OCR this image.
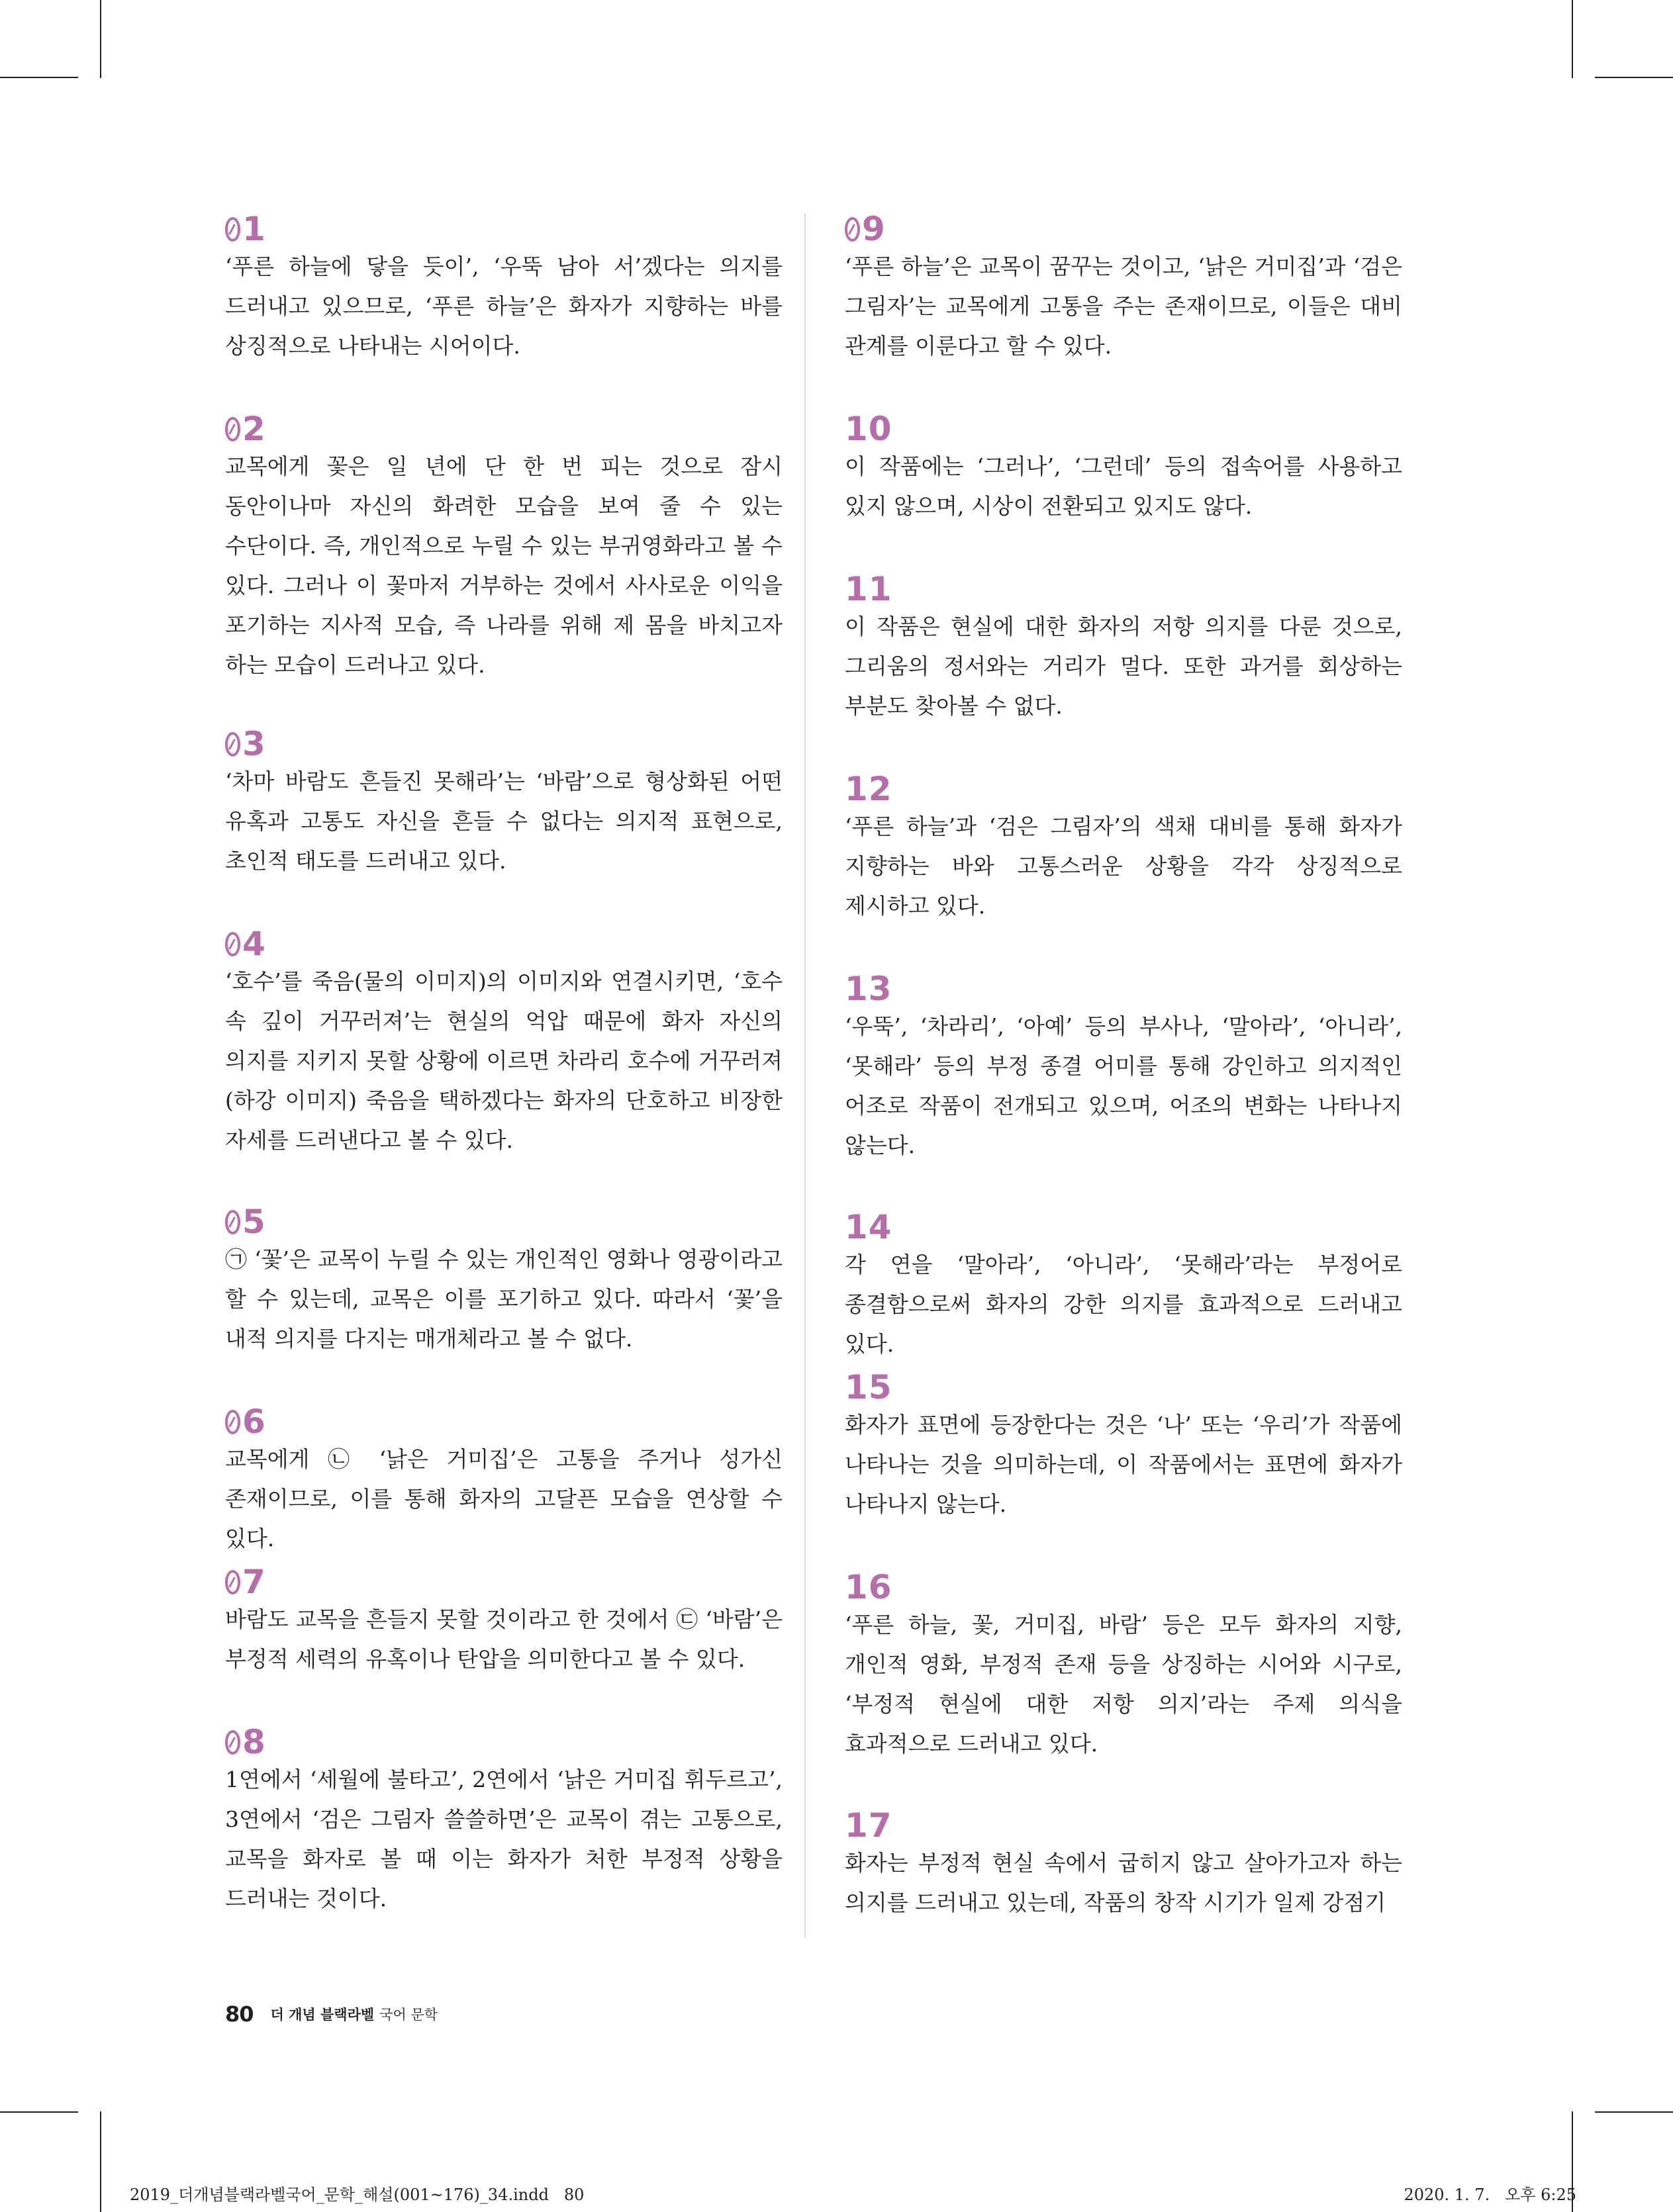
1
‘푸른 하늘에 닿을 듯이’, ‘우뚝 남아 서’겠다는 의지를 드러내고 있으므로, ‘푸른 하늘’은 화자가 지향하는 바를 상징적으로 나타내는 시어이다.
2
교목에게 꽃은 일 년에 단 한 번 피는 것으로 잠시 동안이나마 자신의 화려한 모습을 보여 줄 수 있는 수단이다. 즉, 개인적으로 누릴 수 있는 부귀영화라고 볼 수 있다. 그러나 이 꽃마저 거부하는 것에서 사사로운 이익을 포기하는 지사적 모습, 즉 나라를 위해 제 몸을 바치고자 하는 모습이 드러나고 있다.
3
‘차마 바람도 흔들진 못해라’는 ‘바람’으로 형상화된 어떤 유혹과 고통도 자신을 흔들 수 없다는 의지적 표현으로, 초인적 태도를 드러내고 있다.
4
‘호수’를 죽음(물의 이미지)의 이미지와 연결시키면, ‘호수 속 깊이 거꾸러져’는 현실의 억압 때문에 화자 자신의 의지를 지키지 못할 상황에 이르면 차라리 호수에 거꾸러져(하강 이미지) 죽음을 택하겠다는 화자의 단호하고 비장한 자세를 드러낸다고 볼 수 있다.
5
㉠ ‘꽃’은 교목이 누릴 수 있는 개인적인 영화나 영광이라고 할 수 있는데, 교목은 이를 포기하고 있다. 따라서 ‘꽃’을 내적 의지를 다지는 매개체라고 볼 수 없다.
6
교목에게 ㉡ ‘낡은 거미집’은 고통을 주거나 성가신 존재이므로, 이를 통해 화자의 고달픈 모습을 연상할 수 있다.
7
바람도 교목을 흔들지 못할 것이라고 한 것에서 ㉢ ‘바람’은 부정적 세력의 유혹이나 탄압을 의미한다고 볼 수 있다.
8
1연에서 ‘세월에 불타고’, 2연에서 ‘낡은 거미집 휘두르고’, 3연에서 ‘검은 그림자 쓸쓸하면’은 교목이 겪는 고통으로, 교목을 화자로 볼 때 이는 화자가 처한 부정적 상황을 드러내는 것이다.
9
‘푸른 하늘’은 교목이 꿈꾸는 것이고, ‘낡은 거미집’과 ‘검은 그림자’는 교목에게 고통을 주는 존재이므로, 이들은 대비 관계를 이룬다고 할 수 있다.
10
이 작품에는 ‘그러나’, ‘그런데’ 등의 접속어를 사용하고 있지 않으며, 시상이 전환되고 있지도 않다.
11
이 작품은 현실에 대한 화자의 저항 의지를 다룬 것으로, 그리움의 정서와는 거리가 멀다. 또한 과거를 회상하는 부분도 찾아볼 수 없다.
12
‘푸른 하늘’과 ‘검은 그림자’의 색채 대비를 통해 화자가 지향하는 바와 고통스러운 상황을 각각 상징적으로 제시하고 있다.
13
‘우뚝’, ‘차라리’, ‘아예’ 등의 부사나, ‘말아라’, ‘아니라’, ‘못해라’ 등의 부정 종결 어미를 통해 강인하고 의지적인 어조로 작품이 전개되고 있으며, 어조의 변화는 나타나지 않는다.
14
각 연을 ‘말아라’, ‘아니라’, ‘못해라’라는 부정어로 종결함으로써 화자의 강한 의지를 효과적으로 드러내고 있다.
15
화자가 표면에 등장한다는 것은 ‘나’ 또는 ‘우리’가 작품에 나타나는 것을 의미하는데, 이 작품에서는 표면에 화자가 나타나지 않는다.
16
‘푸른 하늘, 꽃, 거미집, 바람’ 등은 모두 화자의 지향, 개인적 영화, 부정적 존재 등을 상징하는 시어와 시구로, ‘부정적 현실에 대한 저항 의지’라는 주제 의식을 효과적으로 드러내고 있다.
17
화자는 부정적 현실 속에서 굽히지 않고 살아가고자 하는 의지를 드러내고 있는데, 작품의 창작 시기가 일제 강점기
80 더 개념 블랙라벨 국어 문학
2019_더개념블랙라벨국어_문학_해설(001~176)_34.indd   80	2020. 1. 7.   오후 6:25
